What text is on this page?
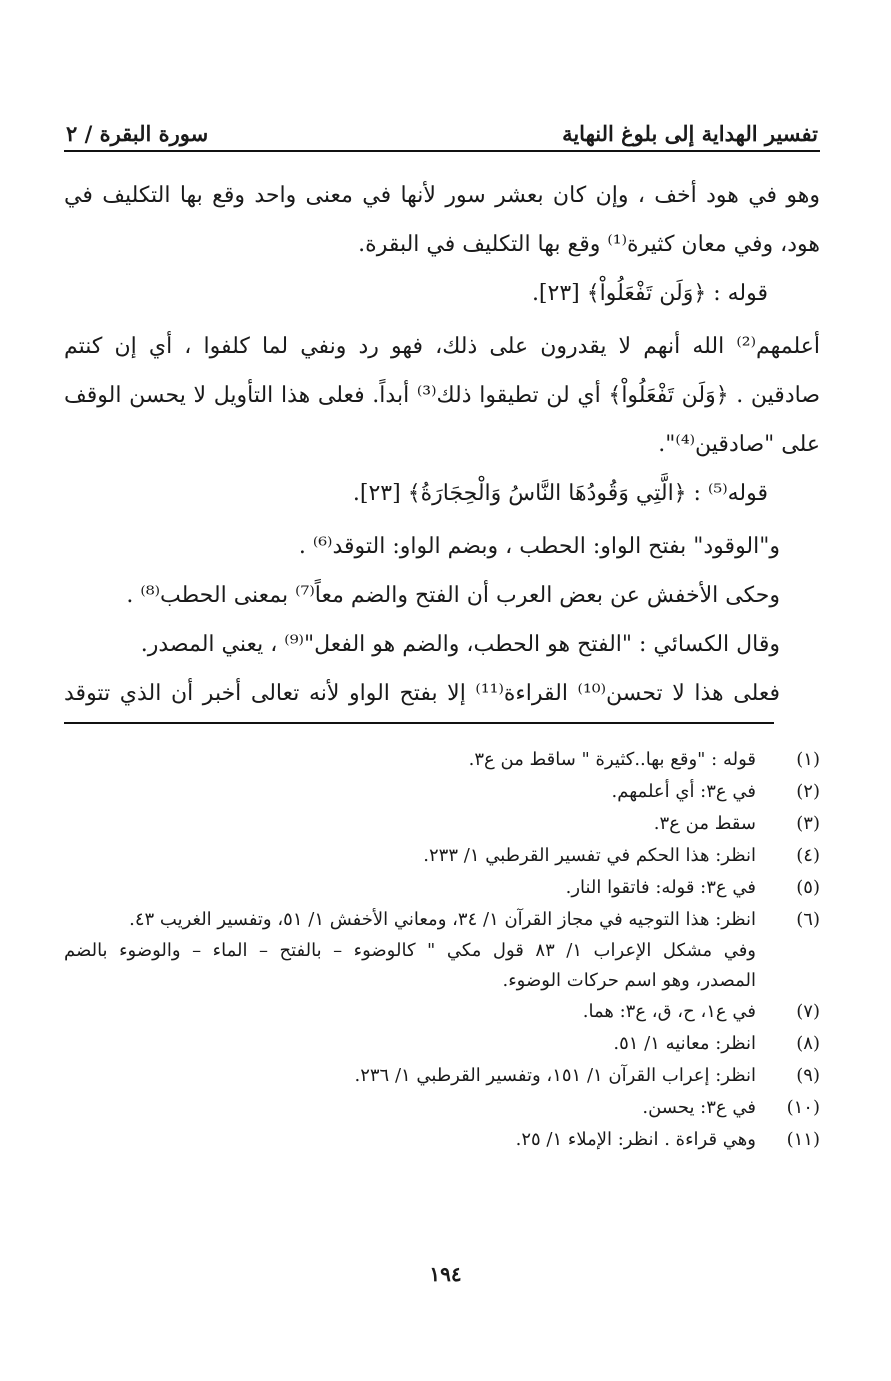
سورة البقرة / ٢	تفسير الهداية إلى بلوغ النهاية
وهو في هود أخف ، وإن كان بعشر سور لأنها في معنى واحد وقع بها التكليف في
هود، وفي معان كثيرة⁽¹⁾ وقع بها التكليف في البقرة.
قوله : ﴿وَلَن تَفْعَلُواْ﴾ [٢٣].
أعلمهم⁽²⁾ الله أنهم لا يقدرون على ذلك، فهو رد ونفي لما كلفوا ، أي إن كنتم
صادقين . ﴿وَلَن تَفْعَلُواْ﴾ أي لن تطيقوا ذلك⁽³⁾ أبداً. فعلى هذا التأويل لا يحسن الوقف
على "صادقين⁽⁴⁾".
قوله⁽⁵⁾ : ﴿الَّتِي وَقُودُهَا النَّاسُ وَالْحِجَارَةُ﴾ [٢٣].
و"الوقود" بفتح الواو: الحطب ، وبضم الواو: التوقد⁽⁶⁾ .
وحكى الأخفش عن بعض العرب أن الفتح والضم معاً⁽⁷⁾ بمعنى الحطب⁽⁸⁾ .
وقال الكسائي : "الفتح هو الحطب، والضم هو الفعل"⁽⁹⁾ ، يعني المصدر.
فعلى هذا لا تحسن⁽¹⁰⁾ القراءة⁽¹¹⁾ إلا بفتح الواو لأنه تعالى أخبر أن الذي تتوقد
(١)
قوله : "وقع بها..كثيرة " ساقط من ع٣.
(٢)
في ع٣: أي أعلمهم.
(٣)
سقط من ع٣.
(٤)
انظر: هذا الحكم في تفسير القرطبي ١/ ٢٣٣.
(٥)
في ع٣: قوله: فاتقوا النار.
(٦)
انظر: هذا التوجيه في مجاز القرآن ١/ ٣٤، ومعاني الأخفش ١/ ٥١، وتفسير الغريب ٤٣.
وفي مشكل الإعراب ١/ ٨٣ قول مكي " كالوضوء – بالفتح – الماء – والوضوء بالضم
المصدر، وهو اسم حركات الوضوء.
(٧)
في ع١، ح، ق، ع٣: هما.
(٨)
انظر: معانيه ١/ ٥١.
(٩)
انظر: إعراب القرآن ١/ ١٥١، وتفسير القرطبي ١/ ٢٣٦.
(١٠)
في ع٣: يحسن.
(١١)
وهي قراءة . انظر: الإملاء ١/ ٢٥.
١٩٤
